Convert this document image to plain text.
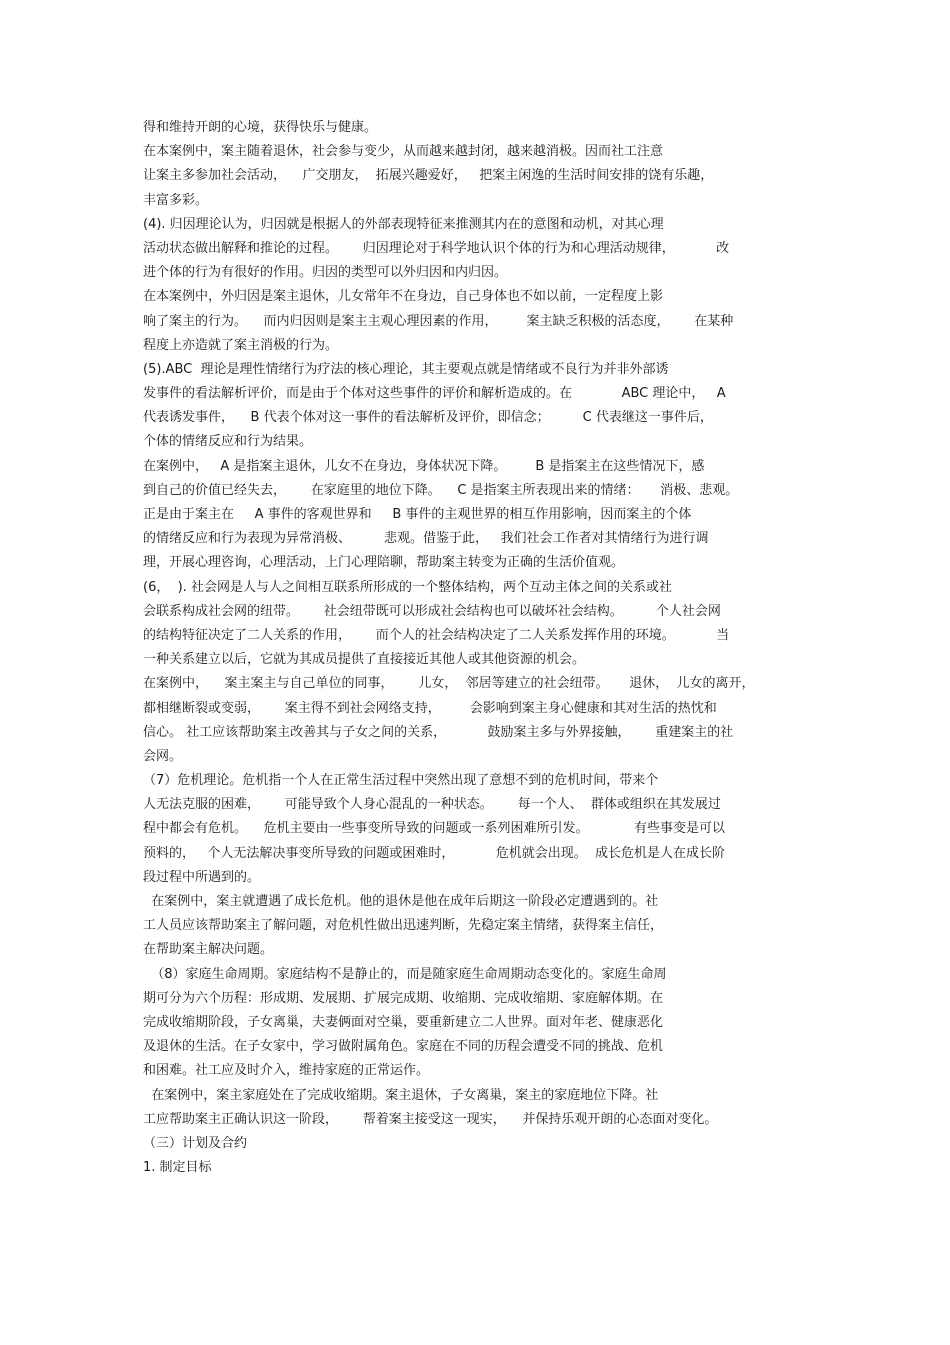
得和维持开朗的心境，获得快乐与健康。
在本案例中，案主随着退休，社会参与变少，从而越来越封闭，越来越消极。因而社工注意
让案主多参加社会活动，    广交朋友，  拓展兴趣爱好，   把案主闲逸的生活时间安排的饶有乐趣，
丰富多彩。
(4). 归因理论认为，归因就是根据人的外部表现特征来推测其内在的意图和动机，对其心理
活动状态做出解释和推论的过程。      归因理论对于科学地认识个体的行为和心理活动规律，          改
进个体的行为有很好的作用。归因的类型可以外归因和内归因。
在本案例中，外归因是案主退休，儿女常年不在身边，自己身体也不如以前，一定程度上影
响了案主的行为。    而内归因则是案主主观心理因素的作用，       案主缺乏积极的活态度，      在某种
程度上亦造就了案主消极的行为。
(5).ABC  理论是理性情绪行为疗法的核心理论，其主要观点就是情绪或不良行为并非外部诱
发事件的看法解析评价，而是由于个体对这些事件的评价和解析造成的。在            ABC 理论中，   A
代表诱发事件，    B 代表个体对这一事件的看法解析及评价，即信念；        C 代表继这一事件后，
个体的情绪反应和行为结果。
在案例中，   A 是指案主退休，儿女不在身边，身体状况下降。       B 是指案主在这些情况下，感
到自己的价值已经失去，      在家庭里的地位下降。    C 是指案主所表现出来的情绪：     消极、悲观。
正是由于案主在     A 事件的客观世界和     B 事件的主观世界的相互作用影响，因而案主的个体
的情绪反应和行为表现为异常消极、        悲观。借鉴于此，   我们社会工作者对其情绪行为进行调
理，开展心理咨询，心理活动，上门心理陪聊，帮助案主转变为正确的生活价值观。
(6，  ). 社会网是人与人之间相互联系所形成的一个整体结构，两个互动主体之间的关系或社
会联系构成社会网的纽带。      社会纽带既可以形成社会结构也可以破坏社会结构。        个人社会网
的结构特征决定了二人关系的作用，      而个人的社会结构决定了二人关系发挥作用的环境。          当
一种关系建立以后，它就为其成员提供了直接接近其他人或其他资源的机会。
在案例中，    案主案主与自己单位的同事，      儿女，  邻居等建立的社会纽带。     退休，  儿女的离开，
都相继断裂或变弱，      案主得不到社会网络支持，       会影响到案主身心健康和其对生活的热忱和
信心。 社工应该帮助案主改善其与子女之间的关系，          鼓励案主多与外界接触，      重建案主的社
会网。
（7）危机理论。危机指一个人在正常生活过程中突然出现了意想不到的危机时间，带来个
人无法克服的困难，      可能导致个人身心混乱的一种状态。      每一个人、  群体或组织在其发展过
程中都会有危机。    危机主要由一些事变所导致的问题或一系列困难所引发。           有些事变是可以
预料的，   个人无法解决事变所导致的问题或困难时，          危机就会出现。  成长危机是人在成长阶
段过程中所遇到的。
在案例中，案主就遭遇了成长危机。他的退休是他在成年后期这一阶段必定遭遇到的。社
工人员应该帮助案主了解问题，对危机性做出迅速判断，先稳定案主情绪，获得案主信任，
在帮助案主解决问题。
（8）家庭生命周期。家庭结构不是静止的，而是随家庭生命周期动态变化的。家庭生命周
期可分为六个历程：形成期、发展期、扩展完成期、收缩期、完成收缩期、家庭解体期。在
完成收缩期阶段，子女离巢，夫妻俩面对空巢，要重新建立二人世界。面对年老、健康恶化
及退休的生活。在子女家中，学习做附属角色。家庭在不同的历程会遭受不同的挑战、危机
和困难。社工应及时介入，维持家庭的正常运作。
在案例中，案主家庭处在了完成收缩期。案主退休，子女离巢，案主的家庭地位下降。社
工应帮助案主正确认识这一阶段，      帮着案主接受这一现实，    并保持乐观开朗的心态面对变化。
（三）计划及合约
1. 制定目标
